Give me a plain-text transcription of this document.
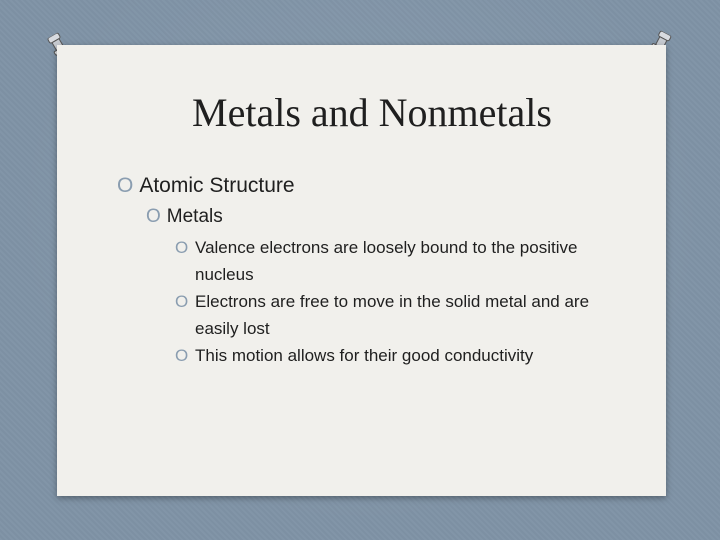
Metals and Nonmetals
O Atomic Structure
O Metals
O Valence electrons are loosely bound to the positive nucleus
O Electrons are free to move in the solid metal and are easily lost
O This motion allows for their good conductivity
